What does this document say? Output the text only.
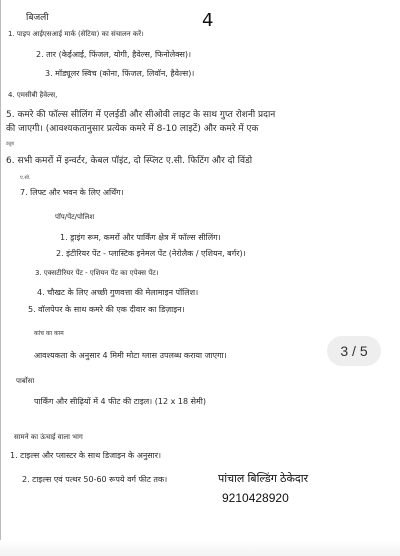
4
बिजली
1. पाइप आईएसआई मार्क (सेटिया) का संचालन करें।
2. तार (केईआई, फिंजल, योगी, हैवेल्स, फिनोलेक्स)।
3. मॉड्यूलर स्विच (कोना, फिंजल, लिवॉन, हैवेल्स)।
4. एमसीबी हैवेल्स,
5. कमरे की फॉल्स सीलिंग में एलईडी और सीओवी लाइट के साथ गुप्त रोशनी प्रदान
की जाएगी। (आवश्यकतानुसार प्रत्येक कमरे में 8-10 लाइटें) और कमरे में एक
ट्यूब
6. सभी कमरों में इन्वर्टर, केबल पॉइंट, दो स्प्लिट ए.सी. फिटिंग और दो विंडो
ए.सी.
7. लिफ्ट और भवन के लिए अर्थिंग।
पॉप/पेंट/पोलिश
1. ड्राइंग रूम, कमरों और पार्किंग क्षेत्र में फॉल्स सीलिंग।
2. इंटीरियर पेंट - प्लास्टिक इनेमल पेंट (नेरोलैक / एशियन, बर्गर)।
3. एक्सटीरियर पेंट - एशियन पेंट का एपेक्स पेंट।
4. चौखट के लिए अच्छी गुणवत्ता की मेलामाइन पॉलिश।
5. वॉलपेपर के साथ कमरे की एक दीवार का डिज़ाइन।
कांच का काम
आवश्यकता के अनुसार 4 मिमी मोटा ग्लास उपलब्ध कराया जाएगा।	3 / 5
पार्बोसा
पार्किंग और सीढ़ियों में 4 फीट की टाइल। (12 x 18 सेमी)
सामने का ऊंचाई वाला भाग
1. टाइल्स और प्लास्टर के साथ डिजाइन के अनुसार।
2. टाइल्स एवं पत्थर 50-60 रूपये वर्ग फीट तक।	पांचाल बिल्डिंग ठेकेदार
9210428920
